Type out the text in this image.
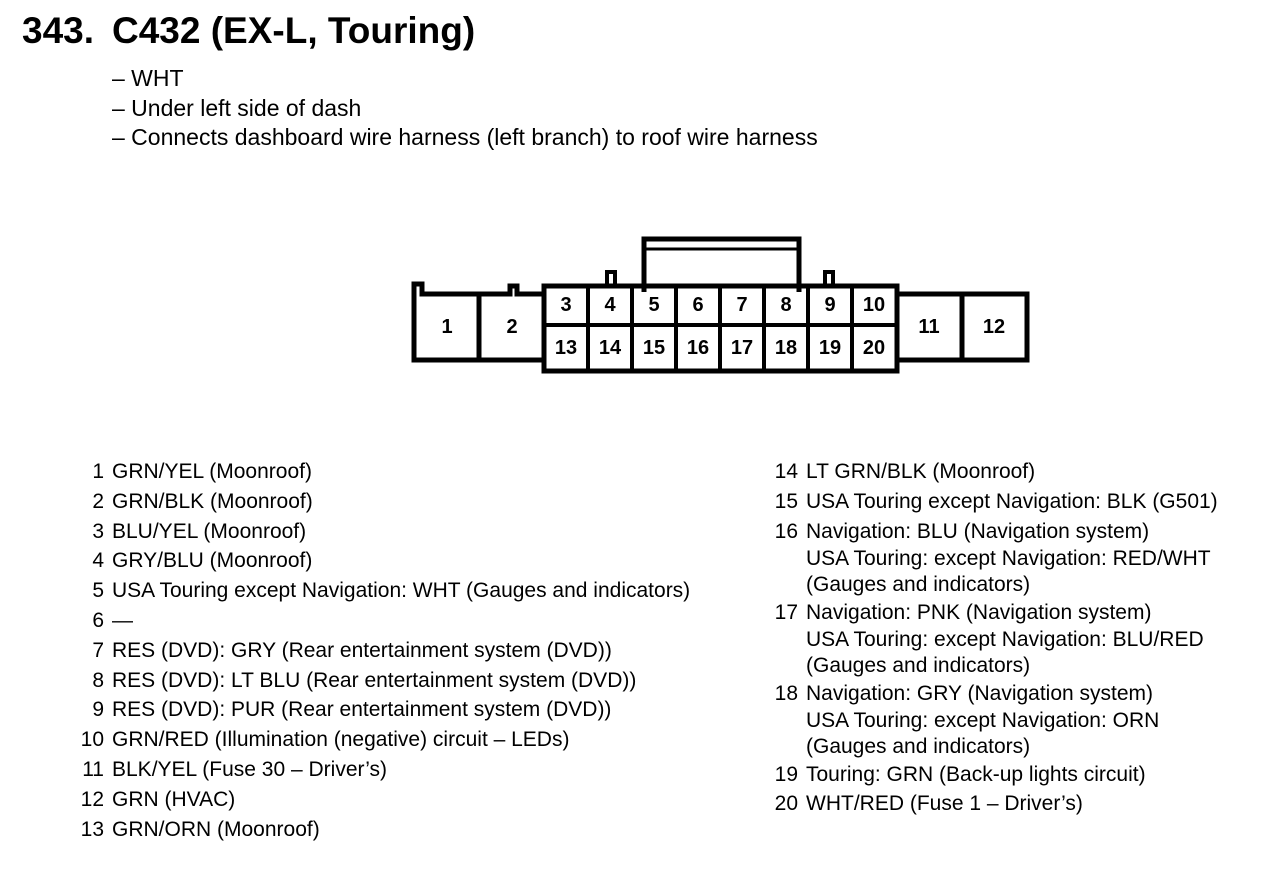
343. C432 (EX-L, Touring)
– WHT
– Under left side of dash
– Connects dashboard wire harness (left branch) to roof wire harness
1	2
3 4 5 6 7 8 9 10
11 12
13 14 15 16 17 18 19 20
1 GRN/YEL (Moonroof)
2 GRN/BLK (Moonroof)
3 BLU/YEL (Moonroof)
4 GRY/BLU (Moonroof)
5 USA Touring except Navigation: WHT (Gauges and indicators)
6 —
7 RES (DVD): GRY (Rear entertainment system (DVD))
8 RES (DVD): LT BLU (Rear entertainment system (DVD))
9 RES (DVD): PUR (Rear entertainment system (DVD))
10 GRN/RED (Illumination (negative) circuit – LEDs)
11 BLK/YEL (Fuse 30 – Driver’s)
12 GRN (HVAC)
13 GRN/ORN (Moonroof)
14 LT GRN/BLK (Moonroof)
15 USA Touring except Navigation: BLK (G501)
16 Navigation: BLU (Navigation system)
USA Touring: except Navigation: RED/WHT
(Gauges and indicators)
17 Navigation: PNK (Navigation system)
USA Touring: except Navigation: BLU/RED
(Gauges and indicators)
18 Navigation: GRY (Navigation system)
USA Touring: except Navigation: ORN
(Gauges and indicators)
19 Touring: GRN (Back-up lights circuit)
20 WHT/RED (Fuse 1 – Driver’s)
